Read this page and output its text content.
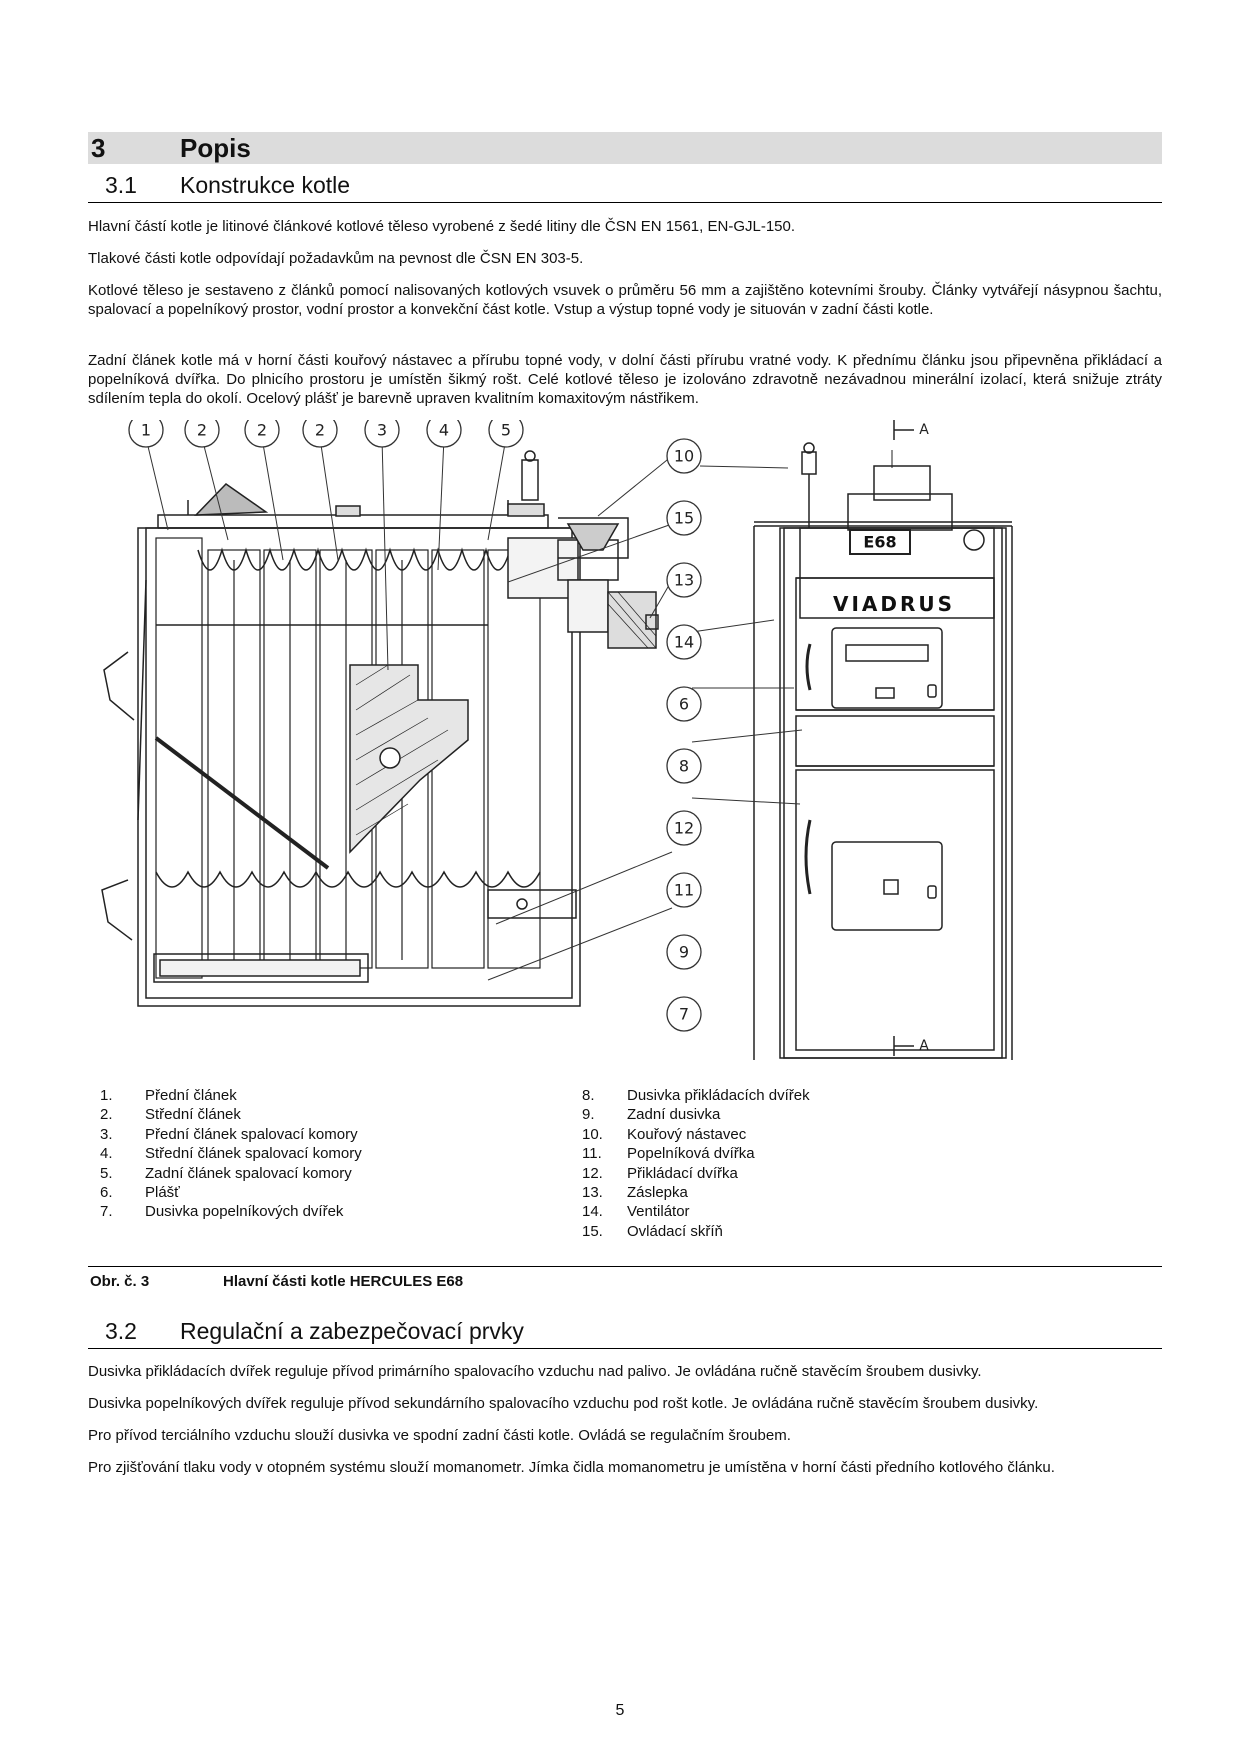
3	Popis
3.1 Konstrukce kotle

Hlavní částí kotle je litinové článkové kotlové těleso vyrobené z šedé litiny dle ČSN EN 1561, EN-GJL-150.

Tlakové části kotle odpovídají požadavkům na pevnost dle ČSN EN 303-5.

Kotlové těleso je sestaveno z článků pomocí nalisovaných kotlových vsuvek o průměru 56 mm a zajištěno kotevními šrouby. Články vytvářejí násypnou šachtu, spalovací a popelníkový prostor, vodní prostor a konvekční část kotle. Vstup a výstup topné vody je situován v zadní části kotle.

Zadní článek kotle má v horní části kouřový nástavec a přírubu topné vody, v dolní části přírubu vratné vody. K přednímu článku jsou připevněna přikládací a popelníková dvířka. Do plnicího prostoru je umístěn šikmý rošt. Celé kotlové těleso je izolováno zdravotně nezávadnou minerální izolací, která snižuje ztráty sdílením tepla do okolí. Ocelový plášť je barevně upraven kvalitním komaxitovým nástřikem.

E68
VIADRUS
A
A
1	2	2	2	3	4	5
10
15
13
14
6
8
12
11
9
7
1.	Přední článek
2.	Střední článek
3.	Přední článek spalovací komory
4.	Střední článek spalovací komory
5.	Zadní článek spalovací komory
6.	Plášť
7.	Dusivka popelníkových dvířek
8.	Dusivka přikládacích dvířek
9.	Zadní dusivka
10.	Kouřový nástavec
11.	Popelníková dvířka
12.	Přikládací dvířka
13.	Záslepka
14.	Ventilátor
15.	Ovládací skříň
Obr. č. 3	Hlavní části kotle HERCULES E68
3.2 Regulační a zabezpečovací prvky

Dusivka přikládacích dvířek reguluje přívod primárního spalovacího vzduchu nad palivo. Je ovládána ručně stavěcím šroubem dusivky.

Dusivka popelníkových dvířek reguluje přívod sekundárního spalovacího vzduchu pod rošt kotle. Je ovládána ručně stavěcím šroubem dusivky.

Pro přívod terciálního vzduchu slouží dusivka ve spodní zadní části kotle. Ovládá se regulačním šroubem.

Pro zjišťování tlaku vody v otopném systému slouží momanometr. Jímka čidla momanometru je umístěna v horní části předního kotlového článku.

5
